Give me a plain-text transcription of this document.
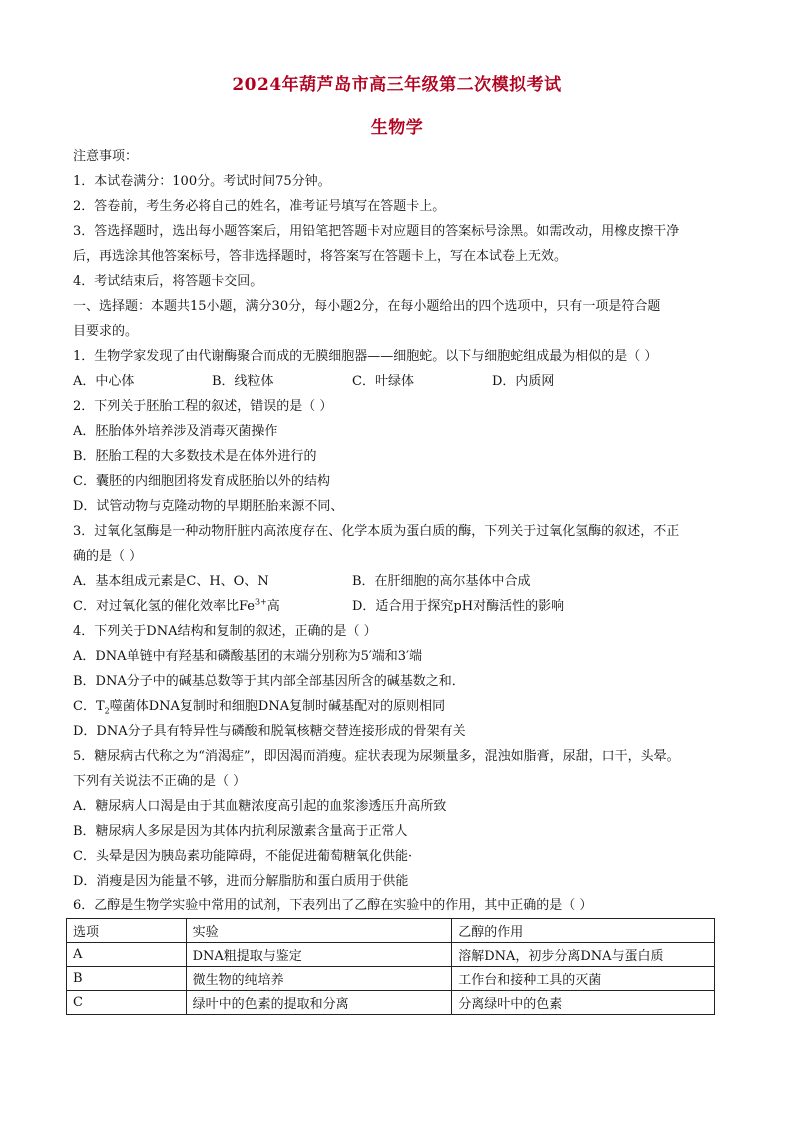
2024年葫芦岛市高三年级第二次模拟考试
生物学
注意事项：
1．本试卷满分：100分。考试时间75分钟。
2．答卷前，考生务必将自己的姓名，准考证号填写在答题卡上。
3．答选择题时，选出每小题答案后，用铅笔把答题卡对应题目的答案标号涂黑。如需改动，用橡皮擦干净
后，再选涂其他答案标号，答非选择题时，将答案写在答题卡上，写在本试卷上无效。
4．考试结束后，将答题卡交回。
一、选择题：本题共15小题，满分30分，每小题2分，在每小题给出的四个选项中，只有一项是符合题
目要求的。
1．生物学家发现了由代谢酶聚合而成的无膜细胞器——细胞蛇。以下与细胞蛇组成最为相似的是（ ）
A．中心体	B．线粒体	C．叶绿体	D．内质网
2．下列关于胚胎工程的叙述，错误的是（ ）
A．胚胎体外培养涉及消毒灭菌操作
B．胚胎工程的大多数技术是在体外进行的
C．囊胚的内细胞团将发育成胚胎以外的结构
D．试管动物与克隆动物的早期胚胎来源不同、
3．过氧化氢酶是一种动物肝脏内高浓度存在、化学本质为蛋白质的酶，下列关于过氧化氢酶的叙述，不正
确的是（ ）
A．基本组成元素是C、H、O、N	B．在肝细胞的高尔基体中合成
C．对过氧化氢的催化效率比$Fe^{3+}$高	D．适合用于探究pH对酶活性的影响
4．下列关于DNA结构和复制的叙述，正确的是（ ）
A．DNA单链中有羟基和磷酸基团的末端分别称为5′端和3′端
B．DNA分子中的碱基总数等于其内部全部基因所含的碱基数之和．
C．$T_2$噬菌体DNA复制时和细胞DNA复制时碱基配对的原则相同
D．DNA分子具有特异性与磷酸和脱氧核糖交替连接形成的骨架有关
5．糖尿病古代称之为“消渴症”，即因渴而消瘦。症状表现为尿频量多，混浊如脂膏，尿甜，口干，头晕。
下列有关说法不正确的是（ ）
A．糖尿病人口渴是由于其血糖浓度高引起的血浆渗透压升高所致
B．糖尿病人多尿是因为其体内抗利尿激素含量高于正常人
C．头晕是因为胰岛素功能障碍，不能促进葡萄糖氧化供能·
D．消瘦是因为能量不够，进而分解脂肪和蛋白质用于供能
6．乙醇是生物学实验中常用的试剂，下表列出了乙醇在实验中的作用，其中正确的是（ ）
选项	实验	乙醇的作用
A	DNA粗提取与鉴定	溶解DNA，初步分离DNA与蛋白质
B	微生物的纯培养	工作台和接种工具的灭菌
C	绿叶中的色素的提取和分离	分离绿叶中的色素
